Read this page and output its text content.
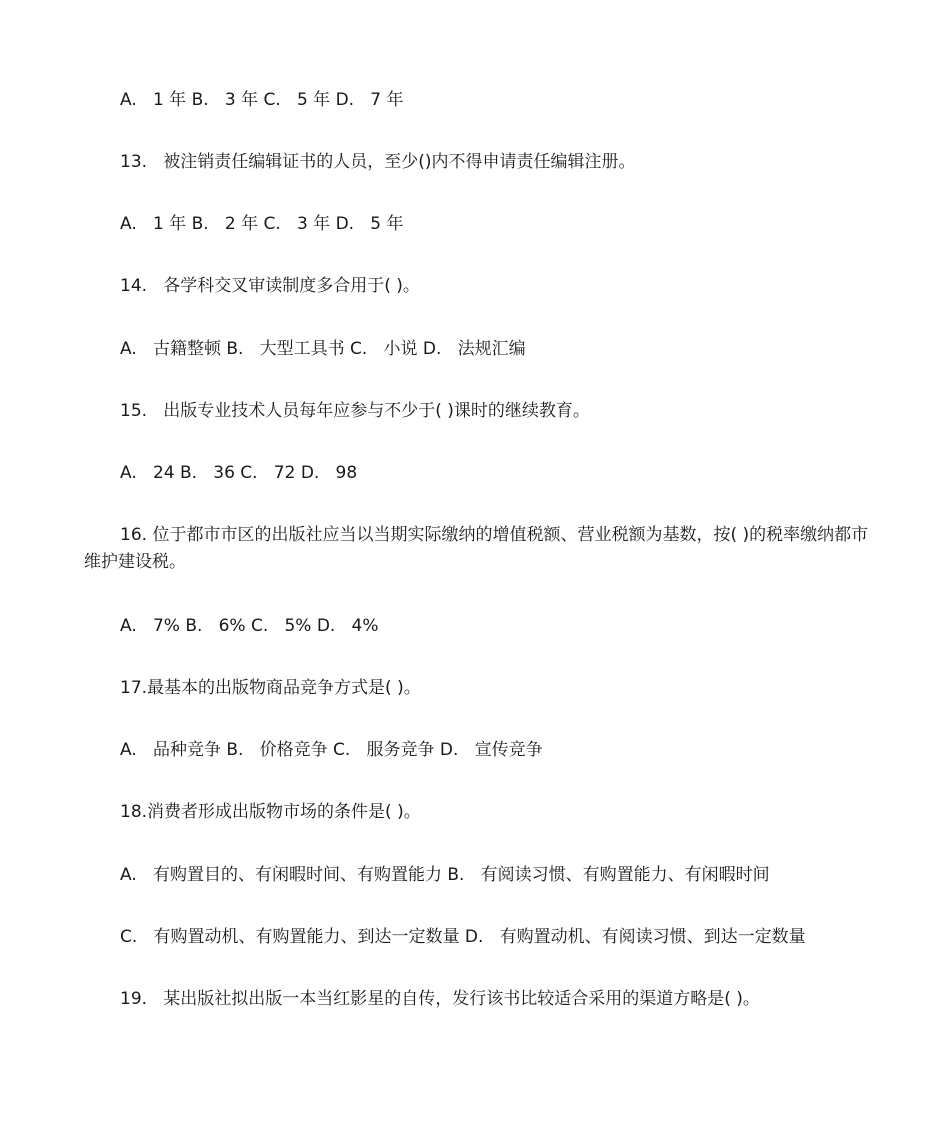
A.   1 年 B.   3 年 C.   5 年 D.   7 年
13.   被注销责任编辑证书的人员，至少()内不得申请责任编辑注册。
A.   1 年 B.   2 年 C.   3 年 D.   5 年
14.   各学科交叉审读制度多合用于( )。
A.   古籍整顿 B.   大型工具书 C.   小说 D.   法规汇编
15.   出版专业技术人员每年应参与不少于( )课时的继续教育。
A.   24 B.   36 C.   72 D.   98
16. 位于都市市区的出版社应当以当期实际缴纳的增值税额、营业税额为基数，按( )的税率缴纳都市维护建设税。
A.   7% B.   6% C.   5% D.   4%
17.最基本的出版物商品竞争方式是( )。
A.   品种竞争 B.   价格竞争 C.   服务竞争 D.   宣传竞争
18.消费者形成出版物市场的条件是( )。
A.   有购置目的、有闲暇时间、有购置能力 B.   有阅读习惯、有购置能力、有闲暇时间
C.   有购置动机、有购置能力、到达一定数量 D.   有购置动机、有阅读习惯、到达一定数量
19.   某出版社拟出版一本当红影星的自传，发行该书比较适合采用的渠道方略是( )。
